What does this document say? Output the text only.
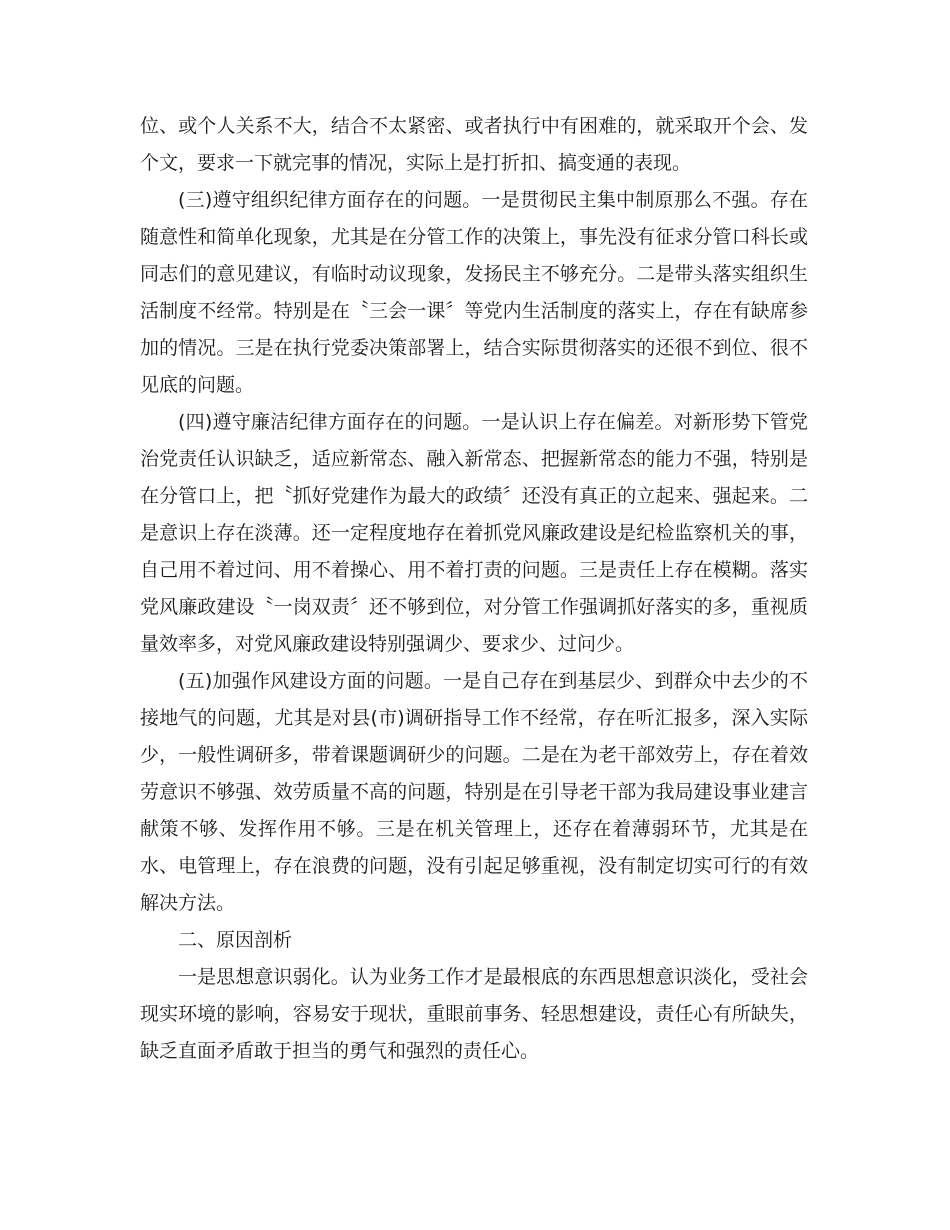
位、或个人关系不大，结合不太紧密、或者执行中有困难的，就采取开个会、发个文，要求一下就完事的情况，实际上是打折扣、搞变通的表现。

(三)遵守组织纪律方面存在的问题。一是贯彻民主集中制原那么不强。存在随意性和简单化现象，尤其是在分管工作的决策上，事先没有征求分管口科长或同志们的意见建议，有临时动议现象，发扬民主不够充分。二是带头落实组织生活制度不经常。特别是在〝三会一课〞等党内生活制度的落实上，存在有缺席参加的情况。三是在执行党委决策部署上，结合实际贯彻落实的还很不到位、很不见底的问题。

(四)遵守廉洁纪律方面存在的问题。一是认识上存在偏差。对新形势下管党治党责任认识缺乏，适应新常态、融入新常态、把握新常态的能力不强，特别是在分管口上，把〝抓好党建作为最大的政绩〞还没有真正的立起来、强起来。二是意识上存在淡薄。还一定程度地存在着抓党风廉政建设是纪检监察机关的事，自己用不着过问、用不着操心、用不着打责的问题。三是责任上存在模糊。落实党风廉政建设〝一岗双责〞还不够到位，对分管工作强调抓好落实的多，重视质量效率多，对党风廉政建设特别强调少、要求少、过问少。

(五)加强作风建设方面的问题。一是自己存在到基层少、到群众中去少的不接地气的问题，尤其是对县(市)调研指导工作不经常，存在听汇报多，深入实际少，一般性调研多，带着课题调研少的问题。二是在为老干部效劳上，存在着效劳意识不够强、效劳质量不高的问题，特别是在引导老干部为我局建设事业建言献策不够、发挥作用不够。三是在机关管理上，还存在着薄弱环节，尤其是在水、电管理上，存在浪费的问题，没有引起足够重视，没有制定切实可行的有效解决方法。

二、原因剖析

一是思想意识弱化。认为业务工作才是最根底的东西思想意识淡化，受社会现实环境的影响，容易安于现状，重眼前事务、轻思想建设，责任心有所缺失，缺乏直面矛盾敢于担当的勇气和强烈的责任心。
